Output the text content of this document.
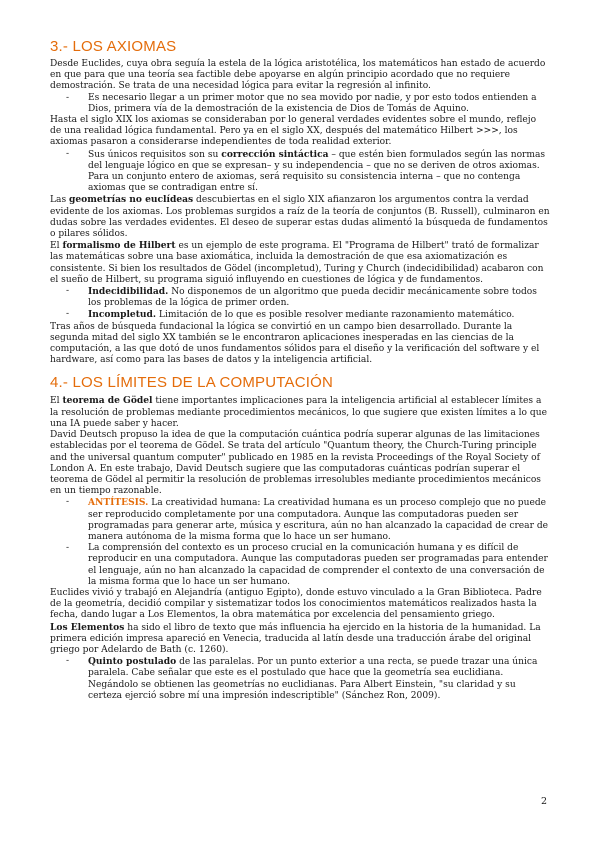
3.- LOS AXIOMAS

Desde Euclides, cuya obra seguía la estela de la lógica aristotélica, los matemáticos han estado de acuerdo en que para que una teoría sea factible debe apoyarse en algún principio acordado que no requiere demostración. Se trata de una necesidad lógica para evitar la regresión al infinito.

- Es necesario llegar a un primer motor que no sea movido por nadie, y por esto todos entienden a Dios, primera vía de la demostración de la existencia de Dios de Tomás de Aquino.

Hasta el siglo XIX los axiomas se consideraban por lo general verdades evidentes sobre el mundo, reflejo de una realidad lógica fundamental. Pero ya en el siglo XX, después del matemático Hilbert >>>, los axiomas pasaron a considerarse independientes de toda realidad exterior.

- Sus únicos requisitos son su corrección sintáctica – que estén bien formulados según las normas del lenguaje lógico en que se expresan– y su independencia – que no se deriven de otros axiomas. Para un conjunto entero de axiomas, será requisito su consistencia interna – que no contenga axiomas que se contradigan entre sí.

Las geometrías no euclídeas descubiertas en el siglo XIX afianzaron los argumentos contra la verdad evidente de los axiomas. Los problemas surgidos a raíz de la teoría de conjuntos (B. Russell), culminaron en dudas sobre las verdades evidentes. El deseo de superar estas dudas alimentó la búsqueda de fundamentos o pilares sólidos.

El formalismo de Hilbert es un ejemplo de este programa. El "Programa de Hilbert" trató de formalizar las matemáticas sobre una base axiomática, incluida la demostración de que esa axiomatización es consistente. Si bien los resultados de Gödel (incompletud), Turing y Church (indecidibilidad) acabaron con el sueño de Hilbert, su programa siguió influyendo en cuestiones de lógica y de fundamentos.

- Indecidibilidad. No disponemos de un algoritmo que pueda decidir mecánicamente sobre todos los problemas de la lógica de primer orden.
- Incompletud. Limitación de lo que es posible resolver mediante razonamiento matemático.

Tras años de búsqueda fundacional la lógica se convirtió en un campo bien desarrollado. Durante la segunda mitad del siglo XX también se le encontraron aplicaciones inesperadas en las ciencias de la computación, a las que dotó de unos fundamentos sólidos para el diseño y la verificación del software y el hardware, así como para las bases de datos y la inteligencia artificial.

4.- LOS LÍMITES DE LA COMPUTACIÓN

El teorema de Gödel tiene importantes implicaciones para la inteligencia artificial al establecer límites a la resolución de problemas mediante procedimientos mecánicos, lo que sugiere que existen límites a lo que una IA puede saber y hacer.

David Deutsch propuso la idea de que la computación cuántica podría superar algunas de las limitaciones establecidas por el teorema de Gödel. Se trata del artículo "Quantum theory, the Church-Turing principle and the universal quantum computer" publicado en 1985 en la revista Proceedings of the Royal Society of London A. En este trabajo, David Deutsch sugiere que las computadoras cuánticas podrían superar el teorema de Gödel al permitir la resolución de problemas irresolubles mediante procedimientos mecánicos en un tiempo razonable.

- ANTÍTESIS. La creatividad humana: La creatividad humana es un proceso complejo que no puede ser reproducido completamente por una computadora. Aunque las computadoras pueden ser programadas para generar arte, música y escritura, aún no han alcanzado la capacidad de crear de manera autónoma de la misma forma que lo hace un ser humano.
- La comprensión del contexto es un proceso crucial en la comunicación humana y es difícil de reproducir en una computadora. Aunque las computadoras pueden ser programadas para entender el lenguaje, aún no han alcanzado la capacidad de comprender el contexto de una conversación de la misma forma que lo hace un ser humano.

Euclides vivió y trabajó en Alejandría (antiguo Egipto), donde estuvo vinculado a la Gran Biblioteca. Padre de la geometría, decidió compilar y sistematizar todos los conocimientos matemáticos realizados hasta la fecha, dando lugar a Los Elementos, la obra matemática por excelencia del pensamiento griego.

Los Elementos ha sido el libro de texto que más influencia ha ejercido en la historia de la humanidad. La primera edición impresa apareció en Venecia, traducida al latín desde una traducción árabe del original griego por Adelardo de Bath (c. 1260).

- Quinto postulado de las paralelas. Por un punto exterior a una recta, se puede trazar una única paralela. Cabe señalar que este es el postulado que hace que la geometría sea euclidiana. Negándolo se obtienen las geometrías no euclidianas. Para Albert Einstein, "su claridad y su certeza ejerció sobre mí una impresión indescriptible" (Sánchez Ron, 2009).
2
